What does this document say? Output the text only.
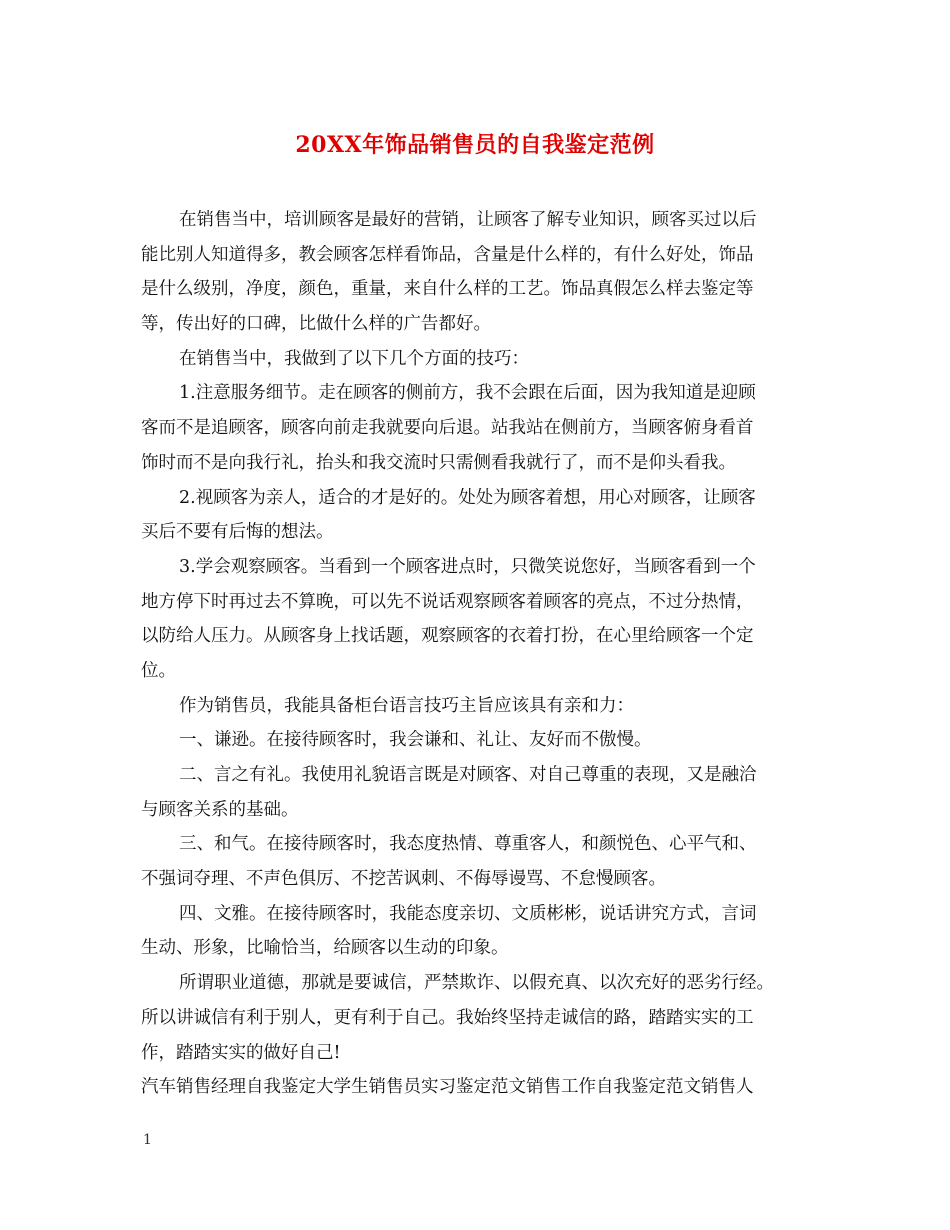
20XX年饰品销售员的自我鉴定范例
在销售当中，培训顾客是最好的营销，让顾客了解专业知识，顾客买过以后
能比别人知道得多，教会顾客怎样看饰品，含量是什么样的，有什么好处，饰品
是什么级别，净度，颜色，重量，来自什么样的工艺。饰品真假怎么样去鉴定等
等，传出好的口碑，比做什么样的广告都好。
在销售当中，我做到了以下几个方面的技巧：
1.注意服务细节。走在顾客的侧前方，我不会跟在后面，因为我知道是迎顾
客而不是追顾客，顾客向前走我就要向后退。站我站在侧前方，当顾客俯身看首
饰时而不是向我行礼，抬头和我交流时只需侧看我就行了，而不是仰头看我。
2.视顾客为亲人，适合的才是好的。处处为顾客着想，用心对顾客，让顾客
买后不要有后悔的想法。
3.学会观察顾客。当看到一个顾客进点时，只微笑说您好，当顾客看到一个
地方停下时再过去不算晚，可以先不说话观察顾客着顾客的亮点，不过分热情，
以防给人压力。从顾客身上找话题，观察顾客的衣着打扮，在心里给顾客一个定
位。
作为销售员，我能具备柜台语言技巧主旨应该具有亲和力：
一、谦逊。在接待顾客时，我会谦和、礼让、友好而不傲慢。
二、言之有礼。我使用礼貌语言既是对顾客、对自己尊重的表现，又是融洽
与顾客关系的基础。
三、和气。在接待顾客时，我态度热情、尊重客人，和颜悦色、心平气和、
不强词夺理、不声色俱厉、不挖苦讽刺、不侮辱谩骂、不怠慢顾客。
四、文雅。在接待顾客时，我能态度亲切、文质彬彬，说话讲究方式，言词
生动、形象，比喻恰当，给顾客以生动的印象。
所谓职业道德，那就是要诚信，严禁欺诈、以假充真、以次充好的恶劣行经。
所以讲诚信有利于别人，更有利于自己。我始终坚持走诚信的路，踏踏实实的工
作，踏踏实实的做好自己!
汽车销售经理自我鉴定大学生销售员实习鉴定范文销售工作自我鉴定范文销售人
1
